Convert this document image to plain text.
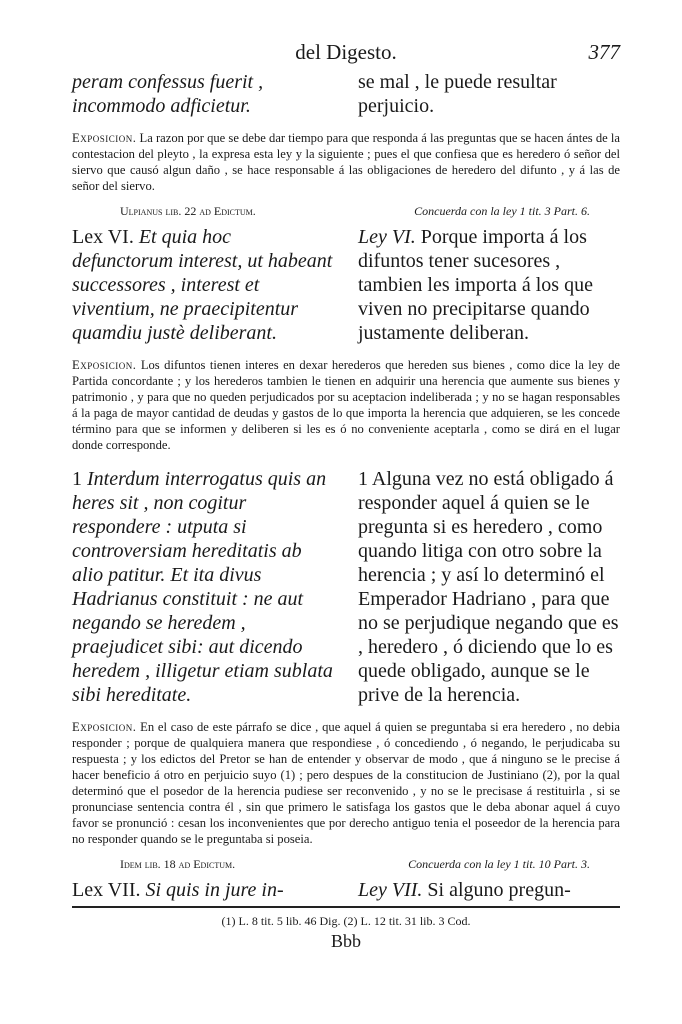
del Digesto.	377
peram confessus fuerit , incommodo adficietur.
se mal , le puede resultar perjuicio.

Exposicion. La razon por que se debe dar tiempo para que responda á las preguntas que se hacen ántes de la contestacion del pleyto , la expresa esta ley y la siguiente ; pues el que confiesa que es heredero ó señor del siervo que causó algun daño , se hace responsable á las obligaciones de heredero del difunto , y á las de señor del siervo.

Ulpianus lib. 22 ad Edictum.	Concuerda con la ley 1 tit. 3 Part. 6.
Lex VI. Et quia hoc defunctorum interest, ut habeant successores , interest et viventium, ne praecipitentur quamdiu justè deliberant.
Ley VI. Porque importa á los difuntos tener sucesores , tambien les importa á los que viven no precipitarse quando justamente deliberan.

Exposicion. Los difuntos tienen interes en dexar herederos que hereden sus bienes , como dice la ley de Partida concordante ; y los herederos tambien le tienen en adquirir una herencia que aumente sus bienes y patrimonio , y para que no queden perjudicados por su aceptacion indeliberada ; y no se hagan responsables á la paga de mayor cantidad de deudas y gastos de lo que importa la herencia que adquieren, se les concede término para que se informen y deliberen si les es ó no conveniente aceptarla , como se dirá en el lugar donde corresponde.

1 Interdum interrogatus quis an heres sit , non cogitur respondere : utputa si controversiam hereditatis ab alio patitur. Et ita divus Hadrianus constituit : ne aut negando se heredem , praejudicet sibi: aut dicendo heredem , illigetur etiam sublata sibi hereditate.
1 Alguna vez no está obligado á responder aquel á quien se le pregunta si es heredero , como quando litiga con otro sobre la herencia ; y así lo determinó el Emperador Hadriano , para que no se perjudique negando que es , heredero , ó diciendo que lo es quede obligado, aunque se le prive de la herencia.

Exposicion. En el caso de este párrafo se dice , que aquel á quien se preguntaba si era heredero , no debia responder ; porque de qualquiera manera que respondiese , ó concediendo , ó negando, le perjudicaba su respuesta ; y los edictos del Pretor se han de entender y observar de modo , que á ninguno se le precise á hacer beneficio á otro en perjuicio suyo (1) ; pero despues de la constitucion de Justiniano (2), por la qual determinó que el posedor de la herencia pudiese ser reconvenido , y no se le precisase á restituirla , si se pronunciase sentencia contra él , sin que primero le satisfaga los gastos que le deba abonar aquel á cuyo favor se pronunció : cesan los inconvenientes que por derecho antiguo tenia el poseedor de la herencia para no responder quando se le preguntaba si poseia.

Idem lib. 18 ad Edictum.	Concuerda con la ley 1 tit. 10 Part. 3.
Lex VII. Si quis in jure in-	Ley VII. Si alguno pregun-
(1) L. 8 tit. 5 lib. 46 Dig. (2) L. 12 tit. 31 lib. 3 Cod.
Bbb
